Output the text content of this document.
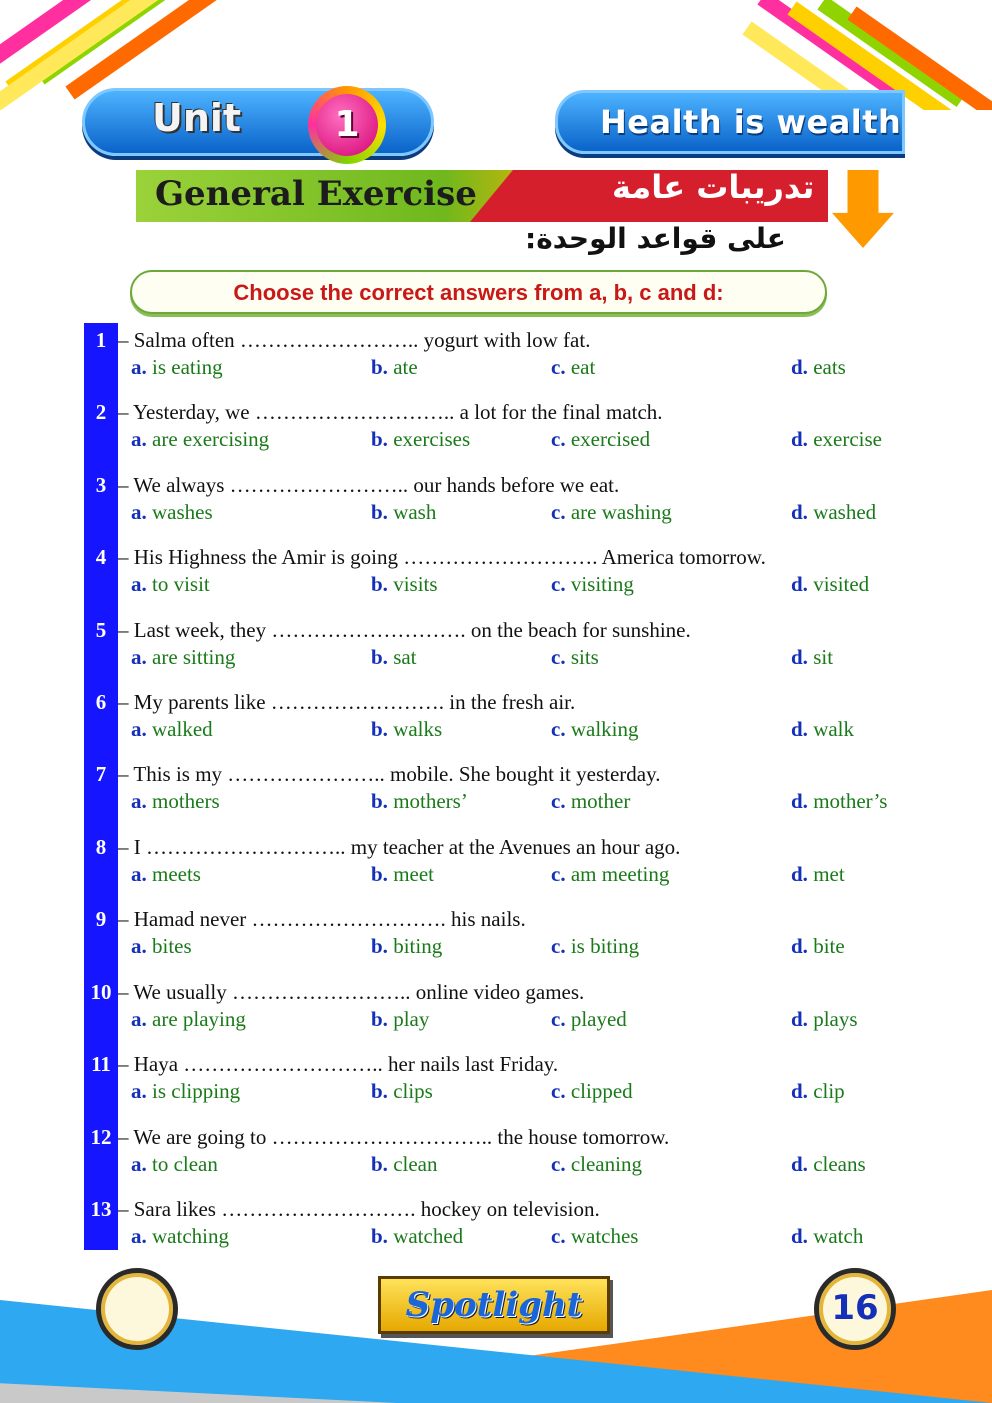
Unit	1	Health is wealth
General Exercise	تدريبات عامة
على قواعد الوحدة:
Choose the correct answers from a, b, c and d:
1 – Salma often …………………….. yogurt with low fat.
a. is eating	b. ate	c. eat	d. eats
2 – Yesterday, we ……………………….. a lot for the final match.
a. are exercising	b. exercises	c. exercised	d. exercise
3 – We always …………………….. our hands before we eat.
a. washes	b. wash	c. are washing	d. washed
4 – His Highness the Amir is going ………………………. America tomorrow.
a. to visit	b. visits	c. visiting	d. visited
5 – Last week, they ………………………. on the beach for sunshine.
a. are sitting	b. sat	c. sits	d. sit
6 – My parents like ……………………. in the fresh air.
a. walked	b. walks	c. walking	d. walk
7 – This is my ………………….. mobile. She bought it yesterday.
a. mothers	b. mothers’	c. mother	d. mother’s
8 – I ……………………….. my teacher at the Avenues an hour ago.
a. meets	b. meet	c. am meeting	d. met
9 – Hamad never ………………………. his nails.
a. bites	b. biting	c. is biting	d. bite
10 – We usually …………………….. online video games.
a. are playing	b. play	c. played	d. plays
11 – Haya ……………………….. her nails last Friday.
a. is clipping	b. clips	c. clipped	d. clip
12 – We are going to ………………………….. the house tomorrow.
a. to clean	b. clean	c. cleaning	d. cleans
13 – Sara likes ………………………. hockey on television.
a. watching	b. watched	c. watches	d. watch
Spotlight	16
